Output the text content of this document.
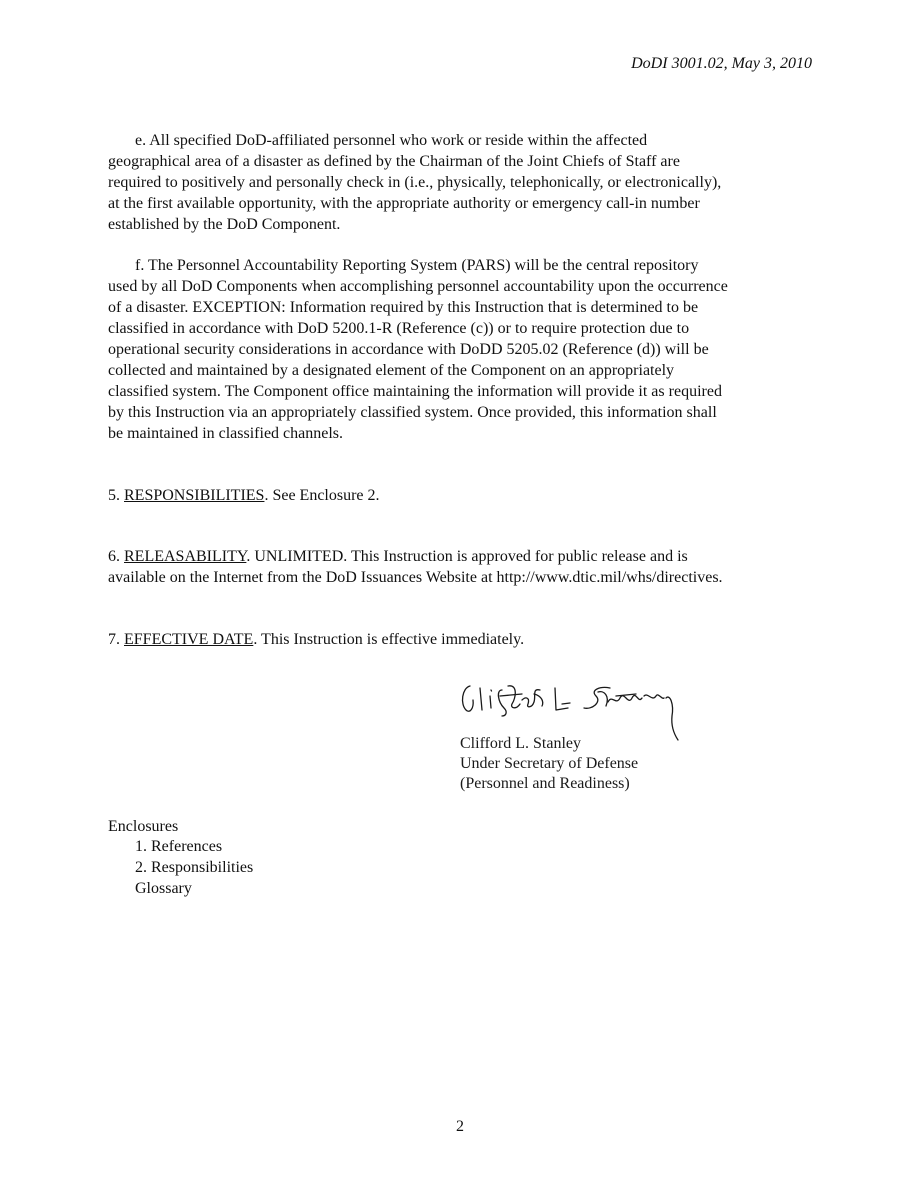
DoDI 3001.02, May 3, 2010
e. All specified DoD-affiliated personnel who work or reside within the affected
geographical area of a disaster as defined by the Chairman of the Joint Chiefs of Staff are
required to positively and personally check in (i.e., physically, telephonically, or electronically),
at the first available opportunity, with the appropriate authority or emergency call-in number
established by the DoD Component.
f. The Personnel Accountability Reporting System (PARS) will be the central repository
used by all DoD Components when accomplishing personnel accountability upon the occurrence
of a disaster. EXCEPTION: Information required by this Instruction that is determined to be
classified in accordance with DoD 5200.1-R (Reference (c)) or to require protection due to
operational security considerations in accordance with DoDD 5205.02 (Reference (d)) will be
collected and maintained by a designated element of the Component on an appropriately
classified system. The Component office maintaining the information will provide it as required
by this Instruction via an appropriately classified system. Once provided, this information shall
be maintained in classified channels.
5. RESPONSIBILITIES. See Enclosure 2.
6. RELEASABILITY. UNLIMITED. This Instruction is approved for public release and is
available on the Internet from the DoD Issuances Website at http://www.dtic.mil/whs/directives.
7. EFFECTIVE DATE. This Instruction is effective immediately.
Clifford L. Stanley
Under Secretary of Defense
(Personnel and Readiness)
Enclosures
1. References
2. Responsibilities
Glossary
2
